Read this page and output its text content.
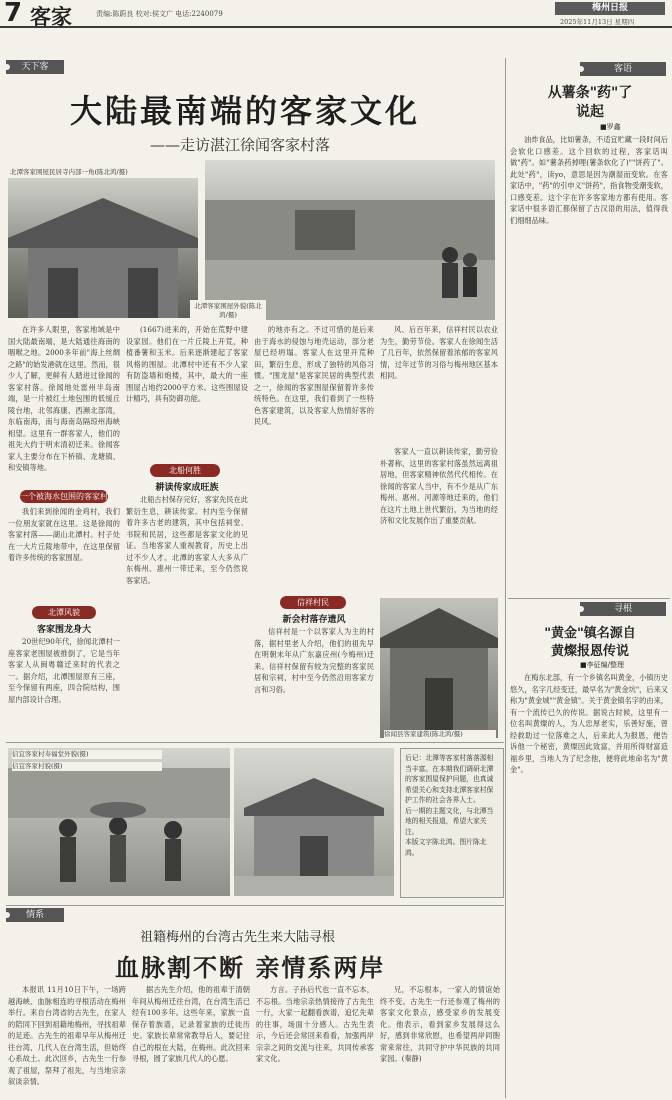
7 客家	责编:陈蔚良 校对:侯文广 电话:2240079
梅州日报
2025年11月13日 星期四
天下客
大陆最南端的客家文化
——走访湛江徐闻客家村落
北潭客家围屋民居寺内部一角(陈北鸿/摄)
北潭客家围屋外貌(陈北鸿/摄)
客语
从薯条"药"了
说起
■罗鑫
油炸食品，比如薯条，不适宜贮藏一段时间后会软化口感差。这个回软的过程，客家话叫做"药"。如"薯条药掉哩(薯条软化了)""饼药了"。此处"药"，读yo，意思是因为潮湿而变软。在客家话中，"药"的引申义"饼药"，指食物受潮变软，口感变差。这个字在许多客家地方都有使用。客家话中很多语汇都保留了古汉语的用法，值得我们细细品味。
寻根
"黄金"镇名源自
黄燦报恩传说
■李征编/整理
在梅东北部，有一个乡镇名叫黄金，小镇历史悠久，名字几经变迁，最早名为"黄金坑"，后来又称为"黄金城""黄金镇"。关于黄金镇名字的由来，有一个流传已久的传说。据说古时候，这里有一位名叫黄燦的人，为人忠厚老实，乐善好施，曾经救助过一位落难之人，后来此人为报恩，便告诉他一个秘密，黄燦因此致富，并用所得财富造福乡里，当地人为了纪念他，便将此地命名为"黄金"。
在许多人眼里，客家地域是中国大陆最南端，是大陆通往海南的咽喉之地。2000多年前"海上丝绸之路"的始发港就在这里。然而，很少人了解，更鲜有人踏进过徐闻的客家村落。徐闻地处雷州半岛南端，是一片被红土地包围的低缓丘陵台地，北邻海康、西濒北部湾，东临南海，南与海南岛隔琼州海峡相望。这里有一群客家人，他们的祖先大约于明末清初迁来。徐闻客家人主要分布在下桥镇、龙塘镇、和安镇等地。
一个被海水包围的客家村
我们来到徐闻的金鸡村，我们一位朋友家就在这里。这是徐闻的客家村落——湖山北潭村。村子处在一大片丘陵地带中，在这里保留着许多传统的客家围屋。
北潭风貌
客家围龙身大
20世纪90年代，徐闻北潭村一座客家老围屋被推倒了，它是当年客家人从闽粤赣迁来时的代表之一。据介绍，北潭围屋原有三座，至今保留有两座，四合院结构，围屋内部设计合理。
(1667)进来的，开始在荒野中建设家园。他们在一片丘陵上开荒，种植番薯和玉米。后来逐渐建起了客家风格的围屋。北潭村中还有不少人家有防盗墙和炮楼，其中，最大的一座围屋占地约2000平方米。这些围屋设计精巧，具有防御功能。
北船何胜
耕读传家成旺族
北船古村保存完好，客家先民在此繁衍生息，耕读传家。村内至今保留着许多古老的建筑，其中包括祠堂、书院和民居，这些都是客家文化的见证。当地客家人重视教育，历史上出过不少人才。北潭的客家人大多从广东梅州、惠州一带迁来，至今仍然说客家话。
的地亦有之。不过可惜的是后来由于海水的侵蚀与地壳运动，部分老屋已经坍塌。客家人在这里开荒种田，繁衍生息，形成了独特的风俗习惯。"围龙屋"是客家民居的典型代表之一，徐闻的客家围屋保留着许多传统特色。在这里，我们看到了一些特色客家建筑，以及客家人热情好客的民风。
信祥村民
新会村落存遗风
信祥村是一个以客家人为主的村落，据村里老人介绍，他们的祖先早在明朝末年从广东嘉应州(今梅州)迁来。信祥村保留有较为完整的客家民居和宗祠，村中至今仍然沿用客家方言和习俗。
风、后百年来，信祥村民以农业为生，勤劳节俭。客家人在徐闻生活了几百年，依然保留着浓郁的客家风情，过年过节的习俗与梅州地区基本相同。
客家人一直以耕读传家，勤劳俭朴著称，这里的客家村落虽然远离祖居地，但客家精神依然代代相传。在徐闻的客家人当中，有不少是从广东梅州、惠州、河源等地迁来的，他们在这片土地上世代繁衍，为当地的经济和文化发展作出了重要贡献。
徐闻县客家建筑(陈北鸿/摄)
信宜客家村寿福堂外貌(摄)
信宜客家村貌(摄)
后记：北潭等客家村落落源相当丰富。在本期我们调研北潭的客家围屋保护问题，也真诚希望关心和支持北潭客家村保护工作的社会各界人士。
后一期的主题文化，与北潭当地的相关报道，希望大家关注。
本版文字陈北鸿。图片陈北鸿。
情系
祖籍梅州的台湾古先生来大陆寻根
血脉割不断 亲情系两岸
本报讯 11月10日下午，一场跨越海峡、血脉相连的寻根活动在梅州举行。来自台湾省的古先生，在家人的陪同下回到祖籍地梅州，寻找祖辈的足迹。古先生的祖辈早年从梅州迁往台湾，几代人在台湾生活，但始终心系故土。此次回乡，古先生一行参观了祖屋，祭拜了祖先，与当地宗亲叙谈亲情。
据古先生介绍，他的祖辈于清朝年间从梅州迁往台湾，在台湾生活已经有100多年。这些年来，家族一直保存着族谱，记录着家族的迁徙历史。家族长辈常常教导后人，要记住自己的根在大陆，在梅州。此次回来寻根，圆了家族几代人的心愿。
方言。子孙后代也一直不忘本，不忘根。当地宗亲热情接待了古先生一行，大家一起翻看族谱，追忆先辈的往事，场面十分感人。古先生表示，今后还会常回来看看，加强两岸宗亲之间的交流与往来，共同传承客家文化。
兄，不忘根本，一家人的情谊始终不变。古先生一行还参观了梅州的客家文化景点，感受家乡的发展变化。他表示，看到家乡发展得这么好，感到非常欣慰，也希望两岸同胞常来常往，共同守护中华民族的共同家园。(秦静)
